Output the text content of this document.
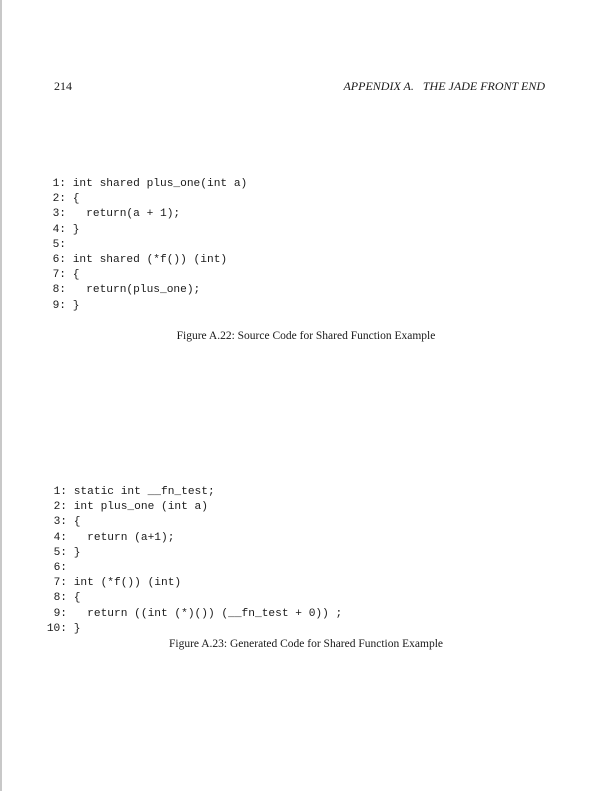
214	APPENDIX A.   THE JADE FRONT END
1: int shared plus_one(int a)
2: {
3:   return(a + 1);
4: }
5:
6: int shared (*f()) (int)
7: {
8:   return(plus_one);
9: }
Figure A.22: Source Code for Shared Function Example
1: static int __fn_test;
2: int plus_one (int a)
3: {
4:   return (a+1);
5: }
6:
7: int (*f()) (int)
8: {
9:   return ((int (*)()) (__fn_test + 0)) ;
10: }
Figure A.23: Generated Code for Shared Function Example
